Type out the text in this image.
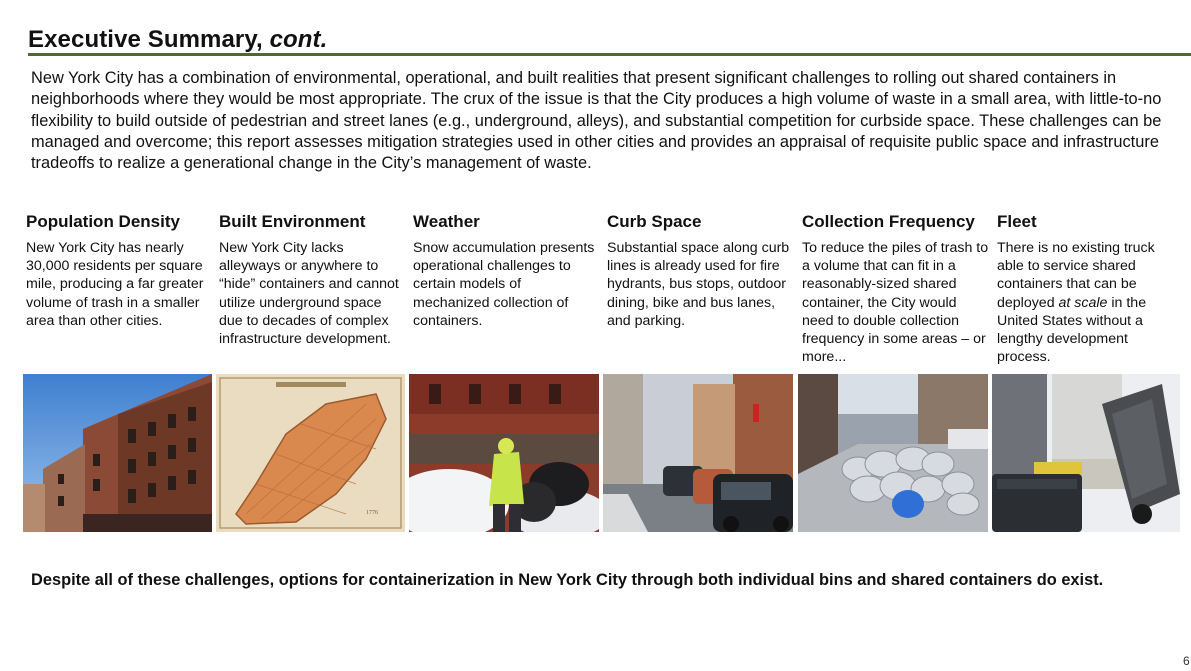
Executive Summary, cont.
New York City has a combination of environmental, operational, and built realities that present significant challenges to rolling out shared containers in neighborhoods where they would be most appropriate. The crux of the issue is that the City produces a high volume of waste in a small area, with little-to-no flexibility to build outside of pedestrian and street lanes (e.g., underground, alleys), and substantial competition for curbside space. These challenges can be managed and overcome; this report assesses mitigation strategies used in other cities and provides an appraisal of requisite public space and infrastructure tradeoffs to realize a generational change in the City’s management of waste.
Population Density

New York City has nearly 30,000 residents per square mile, producing a far greater volume of trash in a smaller area than other cities.

Built Environment

New York City lacks alleyways or anywhere to “hide” containers and cannot utilize underground space due to decades of complex infrastructure development.

Weather

Snow accumulation presents operational challenges to certain models of mechanized collection of containers.

Curb Space

Substantial space along curb lines is already used for fire hydrants, bus stops, outdoor dining, bike and bus lanes, and parking.

Collection Frequency

To reduce the piles of trash to a volume that can fit in a reasonably-sized shared container, the City would need to double collection frequency in some areas – or more...

Fleet

There is no existing truck able to service shared containers that can be deployed at scale in the United States without a lengthy development process.

1776
Despite all of these challenges, options for containerization in New York City through both individual bins and shared containers do exist.
6
